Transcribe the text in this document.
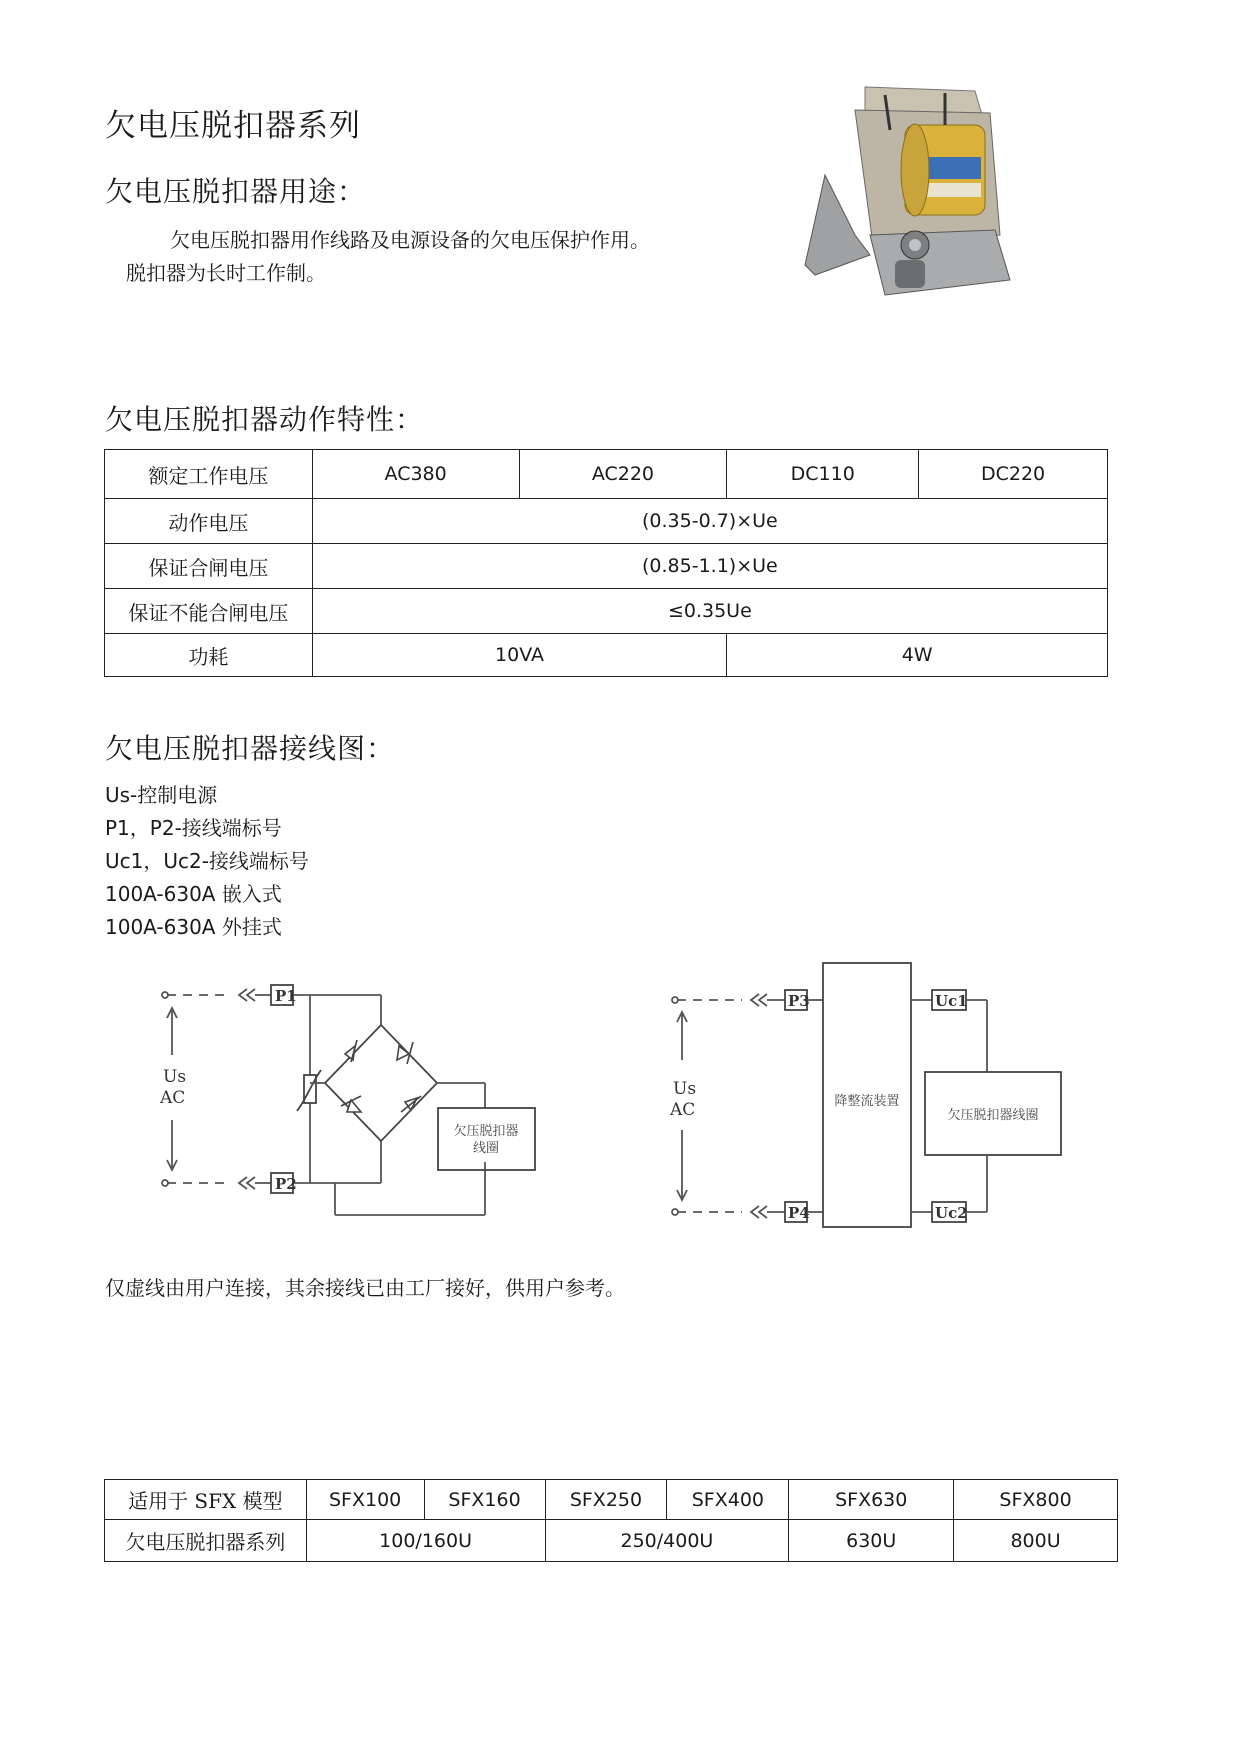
欠电压脱扣器系列
欠电压脱扣器用途：
欠电压脱扣器用作线路及电源设备的欠电压保护作用。
脱扣器为长时工作制。
欠电压脱扣器动作特性：
额定工作电压	AC380	AC220	DC110	DC220
动作电压	(0.35-0.7)×Ue			
保证合闸电压	(0.85-1.1)×Ue			
保证不能合闸电压	≤0.35Ue			
功耗	10VA		4W	
欠电压脱扣器接线图：
Us-控制电源
P1，P2-接线端标号
Uc1，Uc2-接线端标号
100A-630A 嵌入式
100A-630A 外挂式
P1
P2
Us
AC
欠压脱扣器
线圈
P3
P4
Uc1
Uc2
Us
AC	降整流装置
欠压脱扣器线圈
仅虚线由用户连接，其余接线已由工厂接好，供用户参考。
适用于 SFX 模型	SFX100	SFX160	SFX250	SFX400	SFX630	SFX800
欠电压脱扣器系列	100/160U		250/400U		630U	800U
